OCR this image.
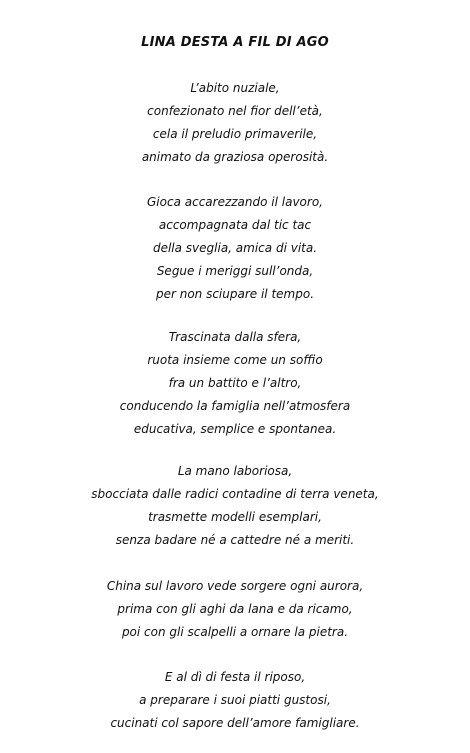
LINA DESTA A FIL DI AGO
L’abito nuziale,
confezionato nel fior dell’età,
cela il preludio primaverile,
animato da graziosa operosità.
Gioca accarezzando il lavoro,
accompagnata dal tic tac
della sveglia, amica di vita.
Segue i meriggi sull’onda,
per non sciupare il tempo.
Trascinata dalla sfera,
ruota insieme come un soffio
fra un battito e l’altro,
conducendo la famiglia nell’atmosfera
educativa, semplice e spontanea.
La mano laboriosa,
sbocciata dalle radici contadine di terra veneta,
trasmette modelli esemplari,
senza badare né a cattedre né a meriti.
China sul lavoro vede sorgere ogni aurora,
prima con gli aghi da lana e da ricamo,
poi con gli scalpelli a ornare la pietra.
E al dì di festa il riposo,
a preparare i suoi piatti gustosi,
cucinati col sapore dell’amore famigliare.
